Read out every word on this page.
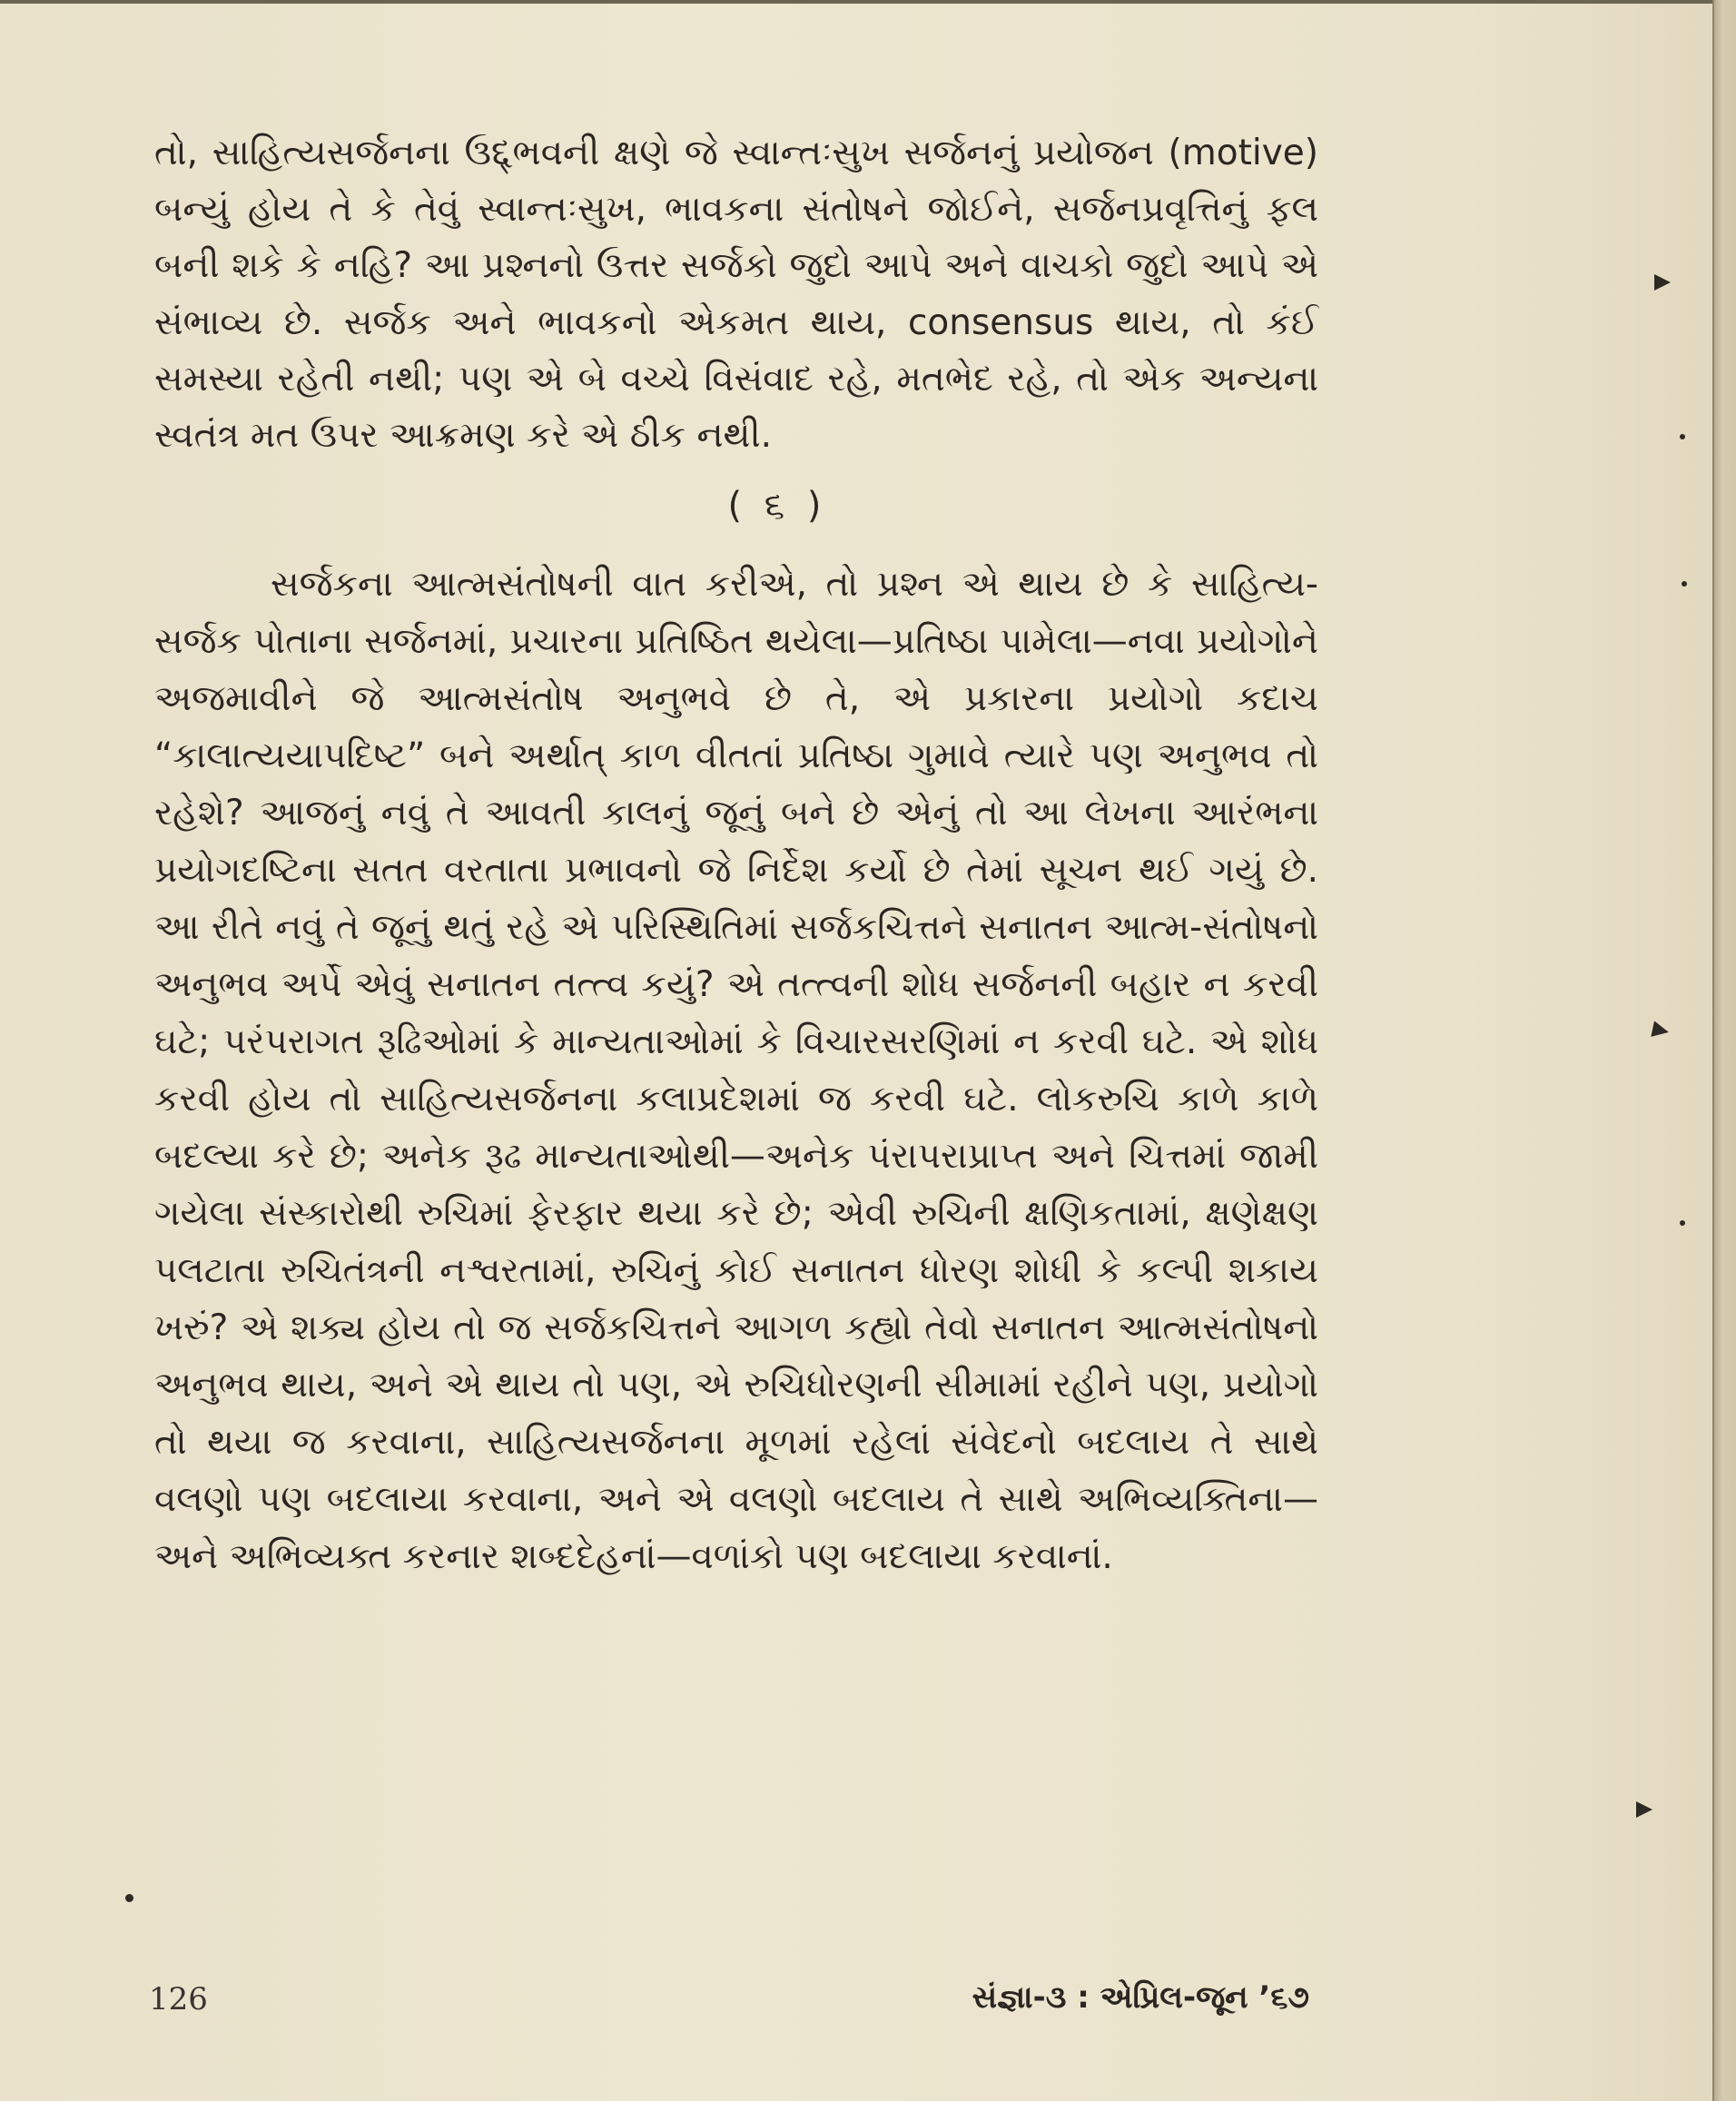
તો, સાહિત્યસર્જનના ઉદ્દ્ભવની ક્ષણે જે સ્વાન્તઃસુખ સર્જનનું પ્રયોજન (motive) બન્યું હોય તે કે તેવું સ્વાન્તઃસુખ, ભાવકના સંતોષને જોઈને, સર્જનપ્રવૃત્તિનું ફલ બની શકે કે નહિ? આ પ્રશ્નનો ઉત્તર સર્જકો જુદો આપે અને વાચકો જુદો આપે એ સંભાવ્ય છે. સર્જક અને ભાવકનો એકમત થાય, consensus થાય, તો કંઈ સમસ્યા રહેતી નથી; પણ એ બે વચ્ચે વિસંવાદ રહે, મતભેદ રહે, તો એક અન્યના સ્વતંત્ર મત ઉપર આક્રમણ કરે એ ઠીક નથી.

( ૬ )

સર્જકના આત્મસંતોષની વાત કરીએ, તો પ્રશ્ન એ થાય છે કે સાહિત્ય-સર્જક પોતાના સર્જનમાં, પ્રચારના પ્રતિષ્ઠિત થયેલા—પ્રતિષ્ઠા પામેલા—નવા પ્રયોગોને અજમાવીને જે આત્મસંતોષ અનુભવે છે તે, એ પ્રકારના પ્રયોગો કદાચ “કાલાત્યયાપદિષ્ટ” બને અર્થાત્ કાળ વીતતાં પ્રતિષ્ઠા ગુમાવે ત્યારે પણ અનુભવ તો રહેશે? આજનું નવું તે આવતી કાલનું જૂનું બને છે એનું તો આ લેખના આરંભના પ્રયોગદષ્ટિના સતત વરતાતા પ્રભાવનો જે નિર્દેશ કર્યો છે તેમાં સૂચન થઈ ગયું છે. આ રીતે નવું તે જૂનું થતું રહે એ પરિસ્થિતિમાં સર્જકચિત્તને સનાતન આત્મ-સંતોષનો અનુભવ અર્પે એવું સનાતન તત્ત્વ કયું? એ તત્ત્વની શોધ સર્જનની બહાર ન કરવી ઘટે; પરંપરાગત રૂઢિઓમાં કે માન્યતાઓમાં કે વિચારસરણિમાં ન કરવી ઘટે. એ શોધ કરવી હોય તો સાહિત્યસર્જનના કલાપ્રદેશમાં જ કરવી ઘટે. લોકરુચિ કાળે કાળે બદલ્યા કરે છે; અનેક રૂઢ માન્યતાઓથી—અનેક પંરાપરાપ્રાપ્ત અને ચિત્તમાં જામી ગયેલા સંસ્કારોથી રુચિમાં ફેરફાર થયા કરે છે; એવી રુચિની ક્ષણિકતામાં, ક્ષણેક્ષણ પલટાતા રુચિતંત્રની નશ્વરતામાં, રુચિનું કોઈ સનાતન ધોરણ શોધી કે કલ્પી શકાય ખરું? એ શક્ય હોય તો જ સર્જકચિત્તને આગળ કહ્યો તેવો સનાતન આત્મસંતોષનો અનુભવ થાય, અને એ થાય તો પણ, એ રુચિધોરણની સીમામાં રહીને પણ, પ્રયોગો તો થયા જ કરવાના, સાહિત્યસર્જનના મૂળમાં રહેલાં સંવેદનો બદલાય તે સાથે વલણો પણ બદલાયા કરવાના, અને એ વલણો બદલાય તે સાથે અભિવ્યક્તિના—અને અભિવ્યક્ત કરનાર શબ્દદેહનાં—વળાંકો પણ બદલાયા કરવાનાં.

126	સંજ્ઞા-૩ : એપ્રિલ-જૂન ’૬૭
